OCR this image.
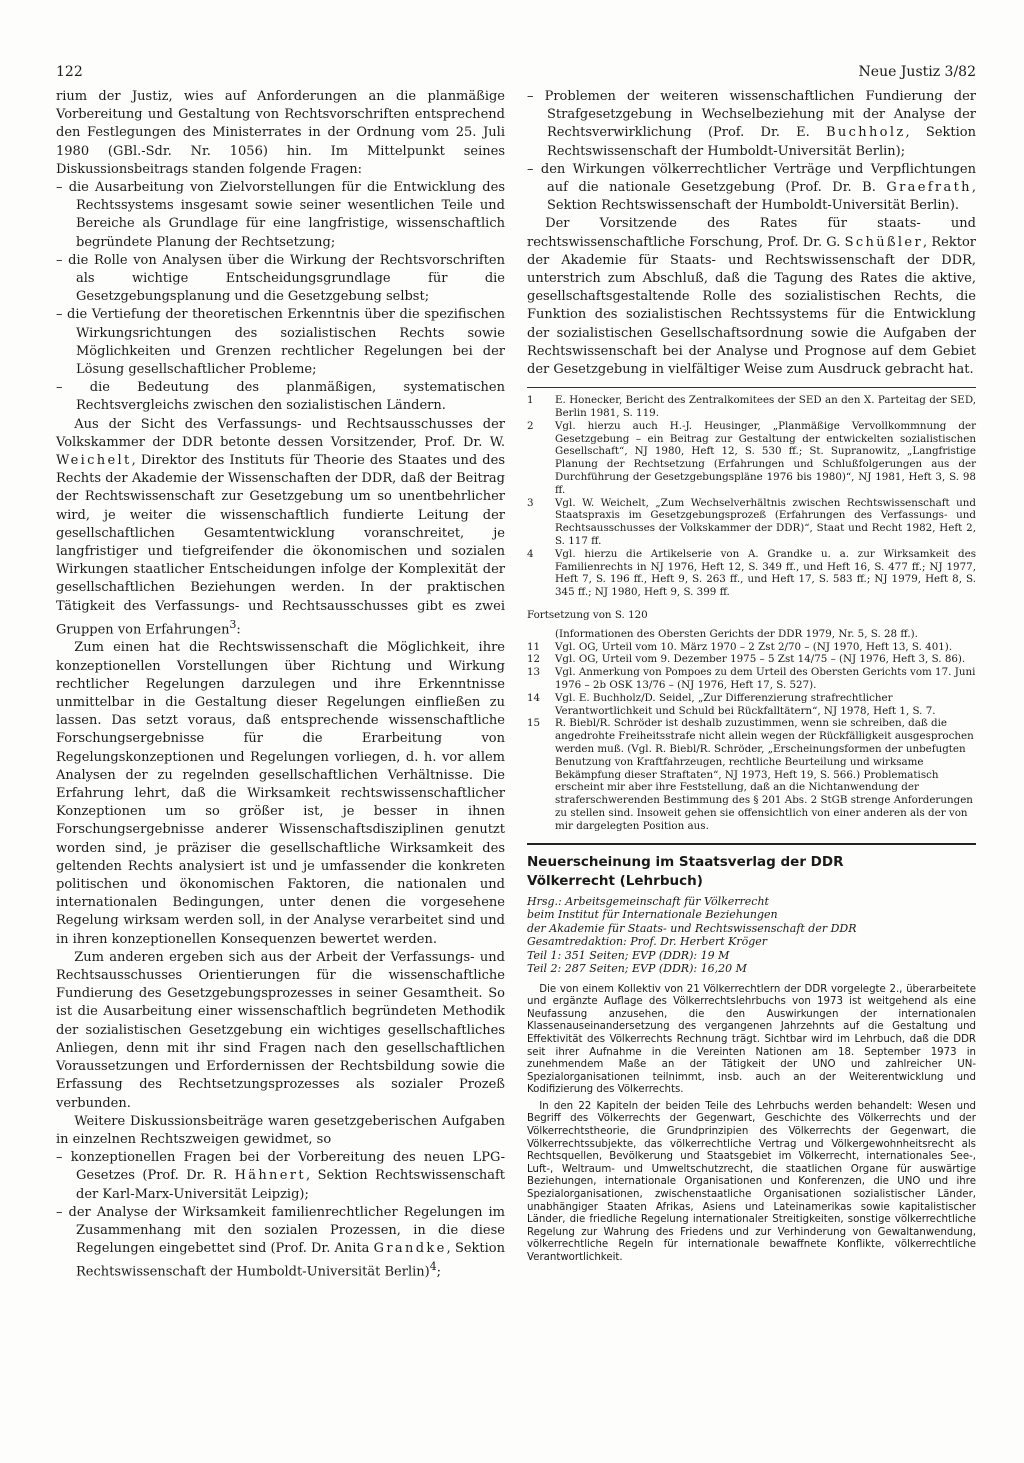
122	Neue Justiz 3/82

rium der Justiz, wies auf Anforderungen an die planmäßige Vorbereitung und Gestaltung von Rechtsvorschriften entsprechend den Festlegungen des Ministerrates in der Ordnung vom 25. Juli 1980 (GBl.-Sdr. Nr. 1056) hin. Im Mittelpunkt seines Diskussionsbeitrags standen folgende Fragen:

– die Ausarbeitung von Zielvorstellungen für die Entwicklung des Rechtssystems insgesamt sowie seiner wesentlichen Teile und Bereiche als Grundlage für eine langfristige, wissenschaftlich begründete Planung der Rechtsetzung;
– die Rolle von Analysen über die Wirkung der Rechtsvorschriften als wichtige Entscheidungsgrundlage für die Gesetzgebungsplanung und die Gesetzgebung selbst;
– die Vertiefung der theoretischen Erkenntnis über die spezifischen Wirkungsrichtungen des sozialistischen Rechts sowie Möglichkeiten und Grenzen rechtlicher Regelungen bei der Lösung gesellschaftlicher Probleme;
– die Bedeutung des planmäßigen, systematischen Rechtsvergleichs zwischen den sozialistischen Ländern.

Aus der Sicht des Verfassungs- und Rechtsausschusses der Volkskammer der DDR betonte dessen Vorsitzender, Prof. Dr. W. Weichelt, Direktor des Instituts für Theorie des Staates und des Rechts der Akademie der Wissenschaften der DDR, daß der Beitrag der Rechtswissenschaft zur Gesetzgebung um so unentbehrlicher wird, je weiter die wissenschaftlich fundierte Leitung der gesellschaftlichen Gesamtentwicklung voranschreitet, je langfristiger und tiefgreifender die ökonomischen und sozialen Wirkungen staatlicher Entscheidungen infolge der Komplexität der gesellschaftlichen Beziehungen werden. In der praktischen Tätigkeit des Verfassungs- und Rechtsausschusses gibt es zwei Gruppen von Erfahrungen$^3$:

Zum einen hat die Rechtswissenschaft die Möglichkeit, ihre konzeptionellen Vorstellungen über Richtung und Wirkung rechtlicher Regelungen darzulegen und ihre Erkenntnisse unmittelbar in die Gestaltung dieser Regelungen einfließen zu lassen. Das setzt voraus, daß entsprechende wissenschaftliche Forschungsergebnisse für die Erarbeitung von Regelungskonzeptionen und Regelungen vorliegen, d. h. vor allem Analysen der zu regelnden gesellschaftlichen Verhältnisse. Die Erfahrung lehrt, daß die Wirksamkeit rechtswissenschaftlicher Konzeptionen um so größer ist, je besser in ihnen Forschungsergebnisse anderer Wissenschaftsdisziplinen genutzt worden sind, je präziser die gesellschaftliche Wirksamkeit des geltenden Rechts analysiert ist und je umfassender die konkreten politischen und ökonomischen Faktoren, die nationalen und internationalen Bedingungen, unter denen die vorgesehene Regelung wirksam werden soll, in der Analyse verarbeitet sind und in ihren konzeptionellen Konsequenzen bewertet werden.

Zum anderen ergeben sich aus der Arbeit der Verfassungs- und Rechtsausschusses Orientierungen für die wissenschaftliche Fundierung des Gesetzgebungsprozesses in seiner Gesamtheit. So ist die Ausarbeitung einer wissenschaftlich begründeten Methodik der sozialistischen Gesetzgebung ein wichtiges gesellschaftliches Anliegen, denn mit ihr sind Fragen nach den gesellschaftlichen Voraussetzungen und Erfordernissen der Rechtsbildung sowie die Erfassung des Rechtsetzungsprozesses als sozialer Prozeß verbunden.

Weitere Diskussionsbeiträge waren gesetzgeberischen Aufgaben in einzelnen Rechtszweigen gewidmet, so

– konzeptionellen Fragen bei der Vorbereitung des neuen LPG-Gesetzes (Prof. Dr. R. Hähnert, Sektion Rechtswissenschaft der Karl-Marx-Universität Leipzig);
– der Analyse der Wirksamkeit familienrechtlicher Regelungen im Zusammenhang mit den sozialen Prozessen, in die diese Regelungen eingebettet sind (Prof. Dr. Anita Grandke, Sektion Rechtswissenschaft der Humboldt-Universität Berlin)$^4$;
– Problemen der weiteren wissenschaftlichen Fundierung der Strafgesetzgebung in Wechselbeziehung mit der Analyse der Rechtsverwirklichung (Prof. Dr. E. Buchholz, Sektion Rechtswissenschaft der Humboldt-Universität Berlin);
– den Wirkungen völkerrechtlicher Verträge und Verpflichtungen auf die nationale Gesetzgebung (Prof. Dr. B. Graefrath, Sektion Rechtswissenschaft der Humboldt-Universität Berlin).

Der Vorsitzende des Rates für staats- und rechtswissenschaftliche Forschung, Prof. Dr. G. Schüßler, Rektor der Akademie für Staats- und Rechtswissenschaft der DDR, unterstrich zum Abschluß, daß die Tagung des Rates die aktive, gesellschaftsgestaltende Rolle des sozialistischen Rechts, die Funktion des sozialistischen Rechtssystems für die Entwicklung der sozialistischen Gesellschaftsordnung sowie die Aufgaben der Rechtswissenschaft bei der Analyse und Prognose auf dem Gebiet der Gesetzgebung in vielfältiger Weise zum Ausdruck gebracht hat.

1	E. Honecker, Bericht des Zentralkomitees der SED an den X. Parteitag der SED, Berlin 1981, S. 119.
2	Vgl. hierzu auch H.-J. Heusinger, „Planmäßige Vervollkommnung der Gesetzgebung – ein Beitrag zur Gestaltung der entwickelten sozialistischen Gesellschaft“, NJ 1980, Heft 12, S. 530 ff.; St. Supranowitz, „Langfristige Planung der Rechtsetzung (Erfahrungen und Schlußfolgerungen aus der Durchführung der Gesetzgebungspläne 1976 bis 1980)“, NJ 1981, Heft 3, S. 98 ff.
3	Vgl. W. Weichelt, „Zum Wechselverhältnis zwischen Rechtswissenschaft und Staatspraxis im Gesetzgebungsprozeß (Erfahrungen des Verfassungs- und Rechtsausschusses der Volkskammer der DDR)“, Staat und Recht 1982, Heft 2, S. 117 ff.
4	Vgl. hierzu die Artikelserie von A. Grandke u. a. zur Wirksamkeit des Familienrechts in NJ 1976, Heft 12, S. 349 ff., und Heft 16, S. 477 ff.; NJ 1977, Heft 7, S. 196 ff., Heft 9, S. 263 ff., und Heft 17, S. 583 ff.; NJ 1979, Heft 8, S. 345 ff.; NJ 1980, Heft 9, S. 399 ff.
Fortsetzung von S. 120
(Informationen des Obersten Gerichts der DDR 1979, Nr. 5, S. 28 ff.).
11	Vgl. OG, Urteil vom 10. März 1970 – 2 Zst 2/70 – (NJ 1970, Heft 13, S. 401).
12	Vgl. OG, Urteil vom 9. Dezember 1975 – 5 Zst 14/75 – (NJ 1976, Heft 3, S. 86).
13	Vgl. Anmerkung von Pompoes zu dem Urteil des Obersten Gerichts vom 17. Juni 1976 – 2b OSK 13/76 – (NJ 1976, Heft 17, S. 527).
14	Vgl. E. Buchholz/D. Seidel, „Zur Differenzierung strafrechtlicher Verantwortlichkeit und Schuld bei Rückfalltätern“, NJ 1978, Heft 1, S. 7.
15	R. Biebl/R. Schröder ist deshalb zuzustimmen, wenn sie schreiben, daß die angedrohte Freiheitsstrafe nicht allein wegen der Rückfälligkeit ausgesprochen werden muß. (Vgl. R. Biebl/R. Schröder, „Erscheinungsformen der unbefugten Benutzung von Kraftfahrzeugen, rechtliche Beurteilung und wirksame Bekämpfung dieser Straftaten“, NJ 1973, Heft 19, S. 566.) Problematisch erscheint mir aber ihre Feststellung, daß an die Nichtanwendung der straferschwerenden Bestimmung des § 201 Abs. 2 StGB strenge Anforderungen zu stellen sind. Insoweit gehen sie offensichtlich von einer anderen als der von mir dargelegten Position aus.
Neuerscheinung im Staatsverlag der DDR
Völkerrecht (Lehrbuch)
Hrsg.: Arbeitsgemeinschaft für Völkerrecht
beim Institut für Internationale Beziehungen
der Akademie für Staats- und Rechtswissenschaft der DDR
Gesamtredaktion: Prof. Dr. Herbert Kröger
Teil 1: 351 Seiten; EVP (DDR): 19 M
Teil 2: 287 Seiten; EVP (DDR): 16,20 M

Die von einem Kollektiv von 21 Völkerrechtlern der DDR vorgelegte 2., überarbeitete und ergänzte Auflage des Völkerrechtslehrbuchs von 1973 ist weitgehend als eine Neufassung anzusehen, die den Auswirkungen der internationalen Klassenauseinandersetzung des vergangenen Jahrzehnts auf die Gestaltung und Effektivität des Völkerrechts Rechnung trägt. Sichtbar wird im Lehrbuch, daß die DDR seit ihrer Aufnahme in die Vereinten Nationen am 18. September 1973 in zunehmendem Maße an der Tätigkeit der UNO und zahlreicher UN-Spezialorganisationen teilnimmt, insb. auch an der Weiterentwicklung und Kodifizierung des Völkerrechts.

In den 22 Kapiteln der beiden Teile des Lehrbuchs werden behandelt: Wesen und Begriff des Völkerrechts der Gegenwart, Geschichte des Völkerrechts und der Völkerrechtstheorie, die Grundprinzipien des Völkerrechts der Gegenwart, die Völkerrechtssubjekte, das völkerrechtliche Vertrag und Völkergewohnheitsrecht als Rechtsquellen, Bevölkerung und Staatsgebiet im Völkerrecht, internationales See-, Luft-, Weltraum- und Umweltschutzrecht, die staatlichen Organe für auswärtige Beziehungen, internationale Organisationen und Konferenzen, die UNO und ihre Spezialorganisationen, zwischenstaatliche Organisationen sozialistischer Länder, unabhängiger Staaten Afrikas, Asiens und Lateinamerikas sowie kapitalistischer Länder, die friedliche Regelung internationaler Streitigkeiten, sonstige völkerrechtliche Regelung zur Wahrung des Friedens und zur Verhinderung von Gewaltanwendung, völkerrechtliche Regeln für internationale bewaffnete Konflikte, völkerrechtliche Verantwortlichkeit.
